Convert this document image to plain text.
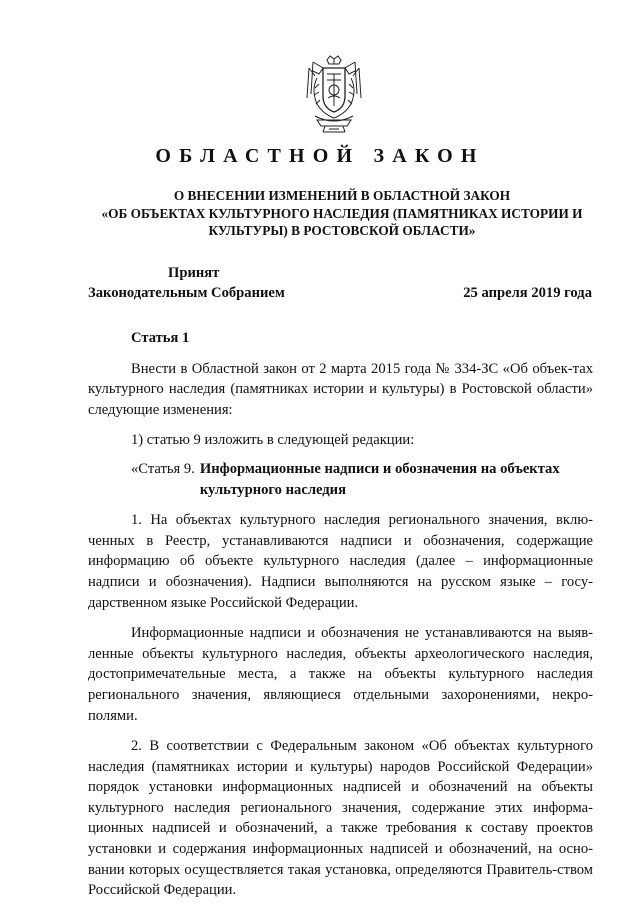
ОБЛАСТНОЙ ЗАКОН
О ВНЕСЕНИИ ИЗМЕНЕНИЙ В ОБЛАСТНОЙ ЗАКОН
«ОБ ОБЪЕКТАХ КУЛЬТУРНОГО НАСЛЕДИЯ (ПАМЯТНИКАХ ИСТОРИИ И
КУЛЬТУРЫ) В РОСТОВСКОЙ ОБЛАСТИ»
Принят
Законодательным Собранием	25 апреля 2019 года

Статья 1

Внести в Областной закон от 2 марта 2015 года № 334-ЗС «Об объек-тах культурного наследия (памятниках истории и культуры) в Ростовской области» следующие изменения:

1) статью 9 изложить в следующей редакции:

«Статья 9. Информационные надписи и обозначения на объектах культурного наследия

1. На объектах культурного наследия регионального значения, вклю-ченных в Реестр, устанавливаются надписи и обозначения, содержащие информацию об объекте культурного наследия (далее – информационные надписи и обозначения). Надписи выполняются на русском языке – госу-дарственном языке Российской Федерации.

Информационные надписи и обозначения не устанавливаются на выяв-ленные объекты культурного наследия, объекты археологического наследия, достопримечательные места, а также на объекты культурного наследия регионального значения, являющиеся отдельными захоронениями, некро-полями.

2. В соответствии с Федеральным законом «Об объектах культурного наследия (памятниках истории и культуры) народов Российской Федерации» порядок установки информационных надписей и обозначений на объекты культурного наследия регионального значения, содержание этих информа-ционных надписей и обозначений, а также требования к составу проектов установки и содержания информационных надписей и обозначений, на осно-вании которых осуществляется такая установка, определяются Правитель-ством Российской Федерации.
